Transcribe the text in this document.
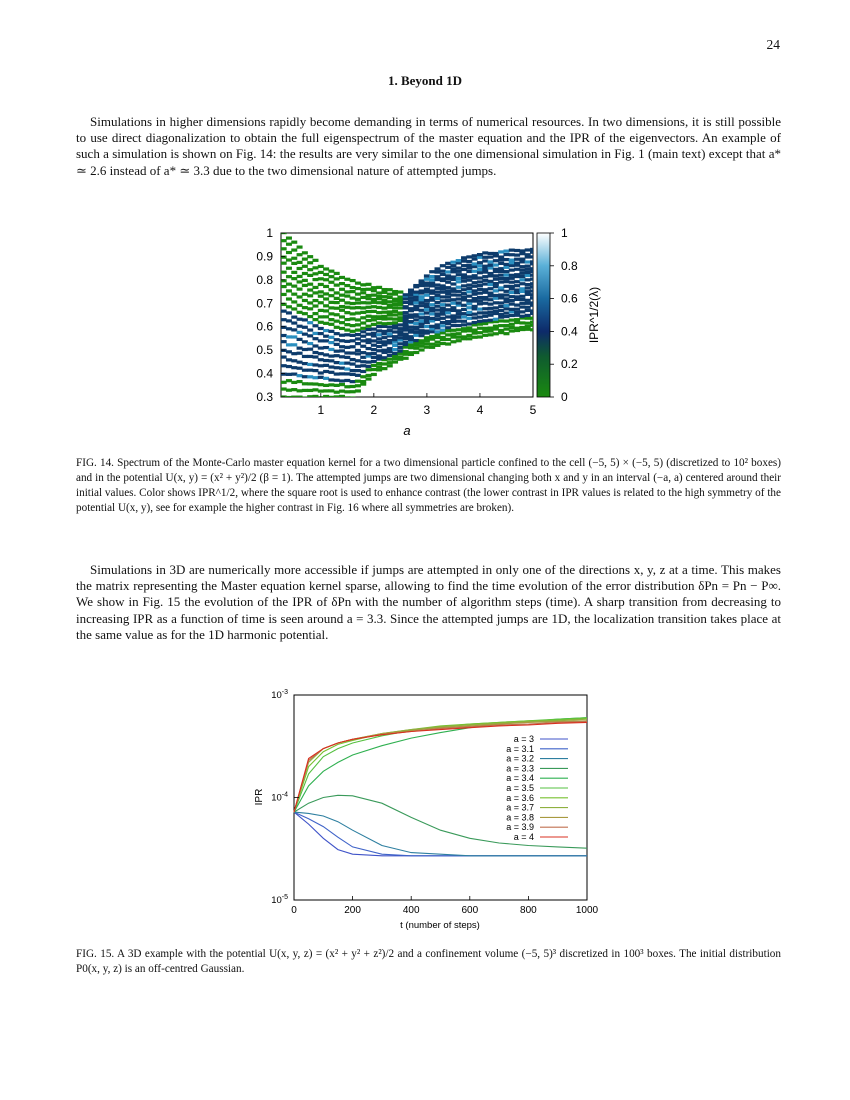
24
1. Beyond 1D

Simulations in higher dimensions rapidly become demanding in terms of numerical resources. In two dimensions, it is still possible to use direct diagonalization to obtain the full eigenspectrum of the master equation and the IPR of the eigenvectors. An example of such a simulation is shown on Fig. 14: the results are very similar to the one dimensional simulation in Fig. 1 (main text) except that a* ≃ 2.6 instead of a* ≃ 3.3 due to the two dimensional nature of attempted jumps.

1	2	3	4	5
0.3
0.4
0.5
0.6
0.7
0.8
0.9
1
0
0.2
0.4
0.6
0.8
1
a
IPR^1/2(λ)

FIG. 14. Spectrum of the Monte-Carlo master equation kernel for a two dimensional particle confined to the cell (−5, 5) × (−5, 5) (discretized to 10² boxes) and in the potential U(x, y) = (x² + y²)/2 (β = 1). The attempted jumps are two dimensional changing both x and y in an interval (−a, a) centered around their initial values. Color shows IPR^1/2, where the square root is used to enhance contrast (the lower contrast in IPR values is related to the high symmetry of the potential U(x, y), see for example the higher contrast in Fig. 16 where all symmetries are broken).

Simulations in 3D are numerically more accessible if jumps are attempted in only one of the directions x, y, z at a time. This makes the matrix representing the Master equation kernel sparse, allowing to find the time evolution of the error distribution δPn = Pn − P∞. We show in Fig. 15 the evolution of the IPR of δPn with the number of algorithm steps (time). A sharp transition from decreasing to increasing IPR as a function of time is seen around a = 3.3. Since the attempted jumps are 1D, the localization transition takes place at the same value as for the 1D harmonic potential.

0	200	400	600	800	1000
$10^{-5}$
$10^{-4}$
$10^{-3}$
a = 3
a = 3.1
a = 3.2
a = 3.3
a = 3.4
a = 3.5
a = 3.6
a = 3.7
a = 3.8
a = 3.9
a = 4
t (number of steps)
IPR

FIG. 15. A 3D example with the potential U(x, y, z) = (x² + y² + z²)/2 and a confinement volume (−5, 5)³ discretized in 100³ boxes. The initial distribution P0(x, y, z) is an off-centred Gaussian.
